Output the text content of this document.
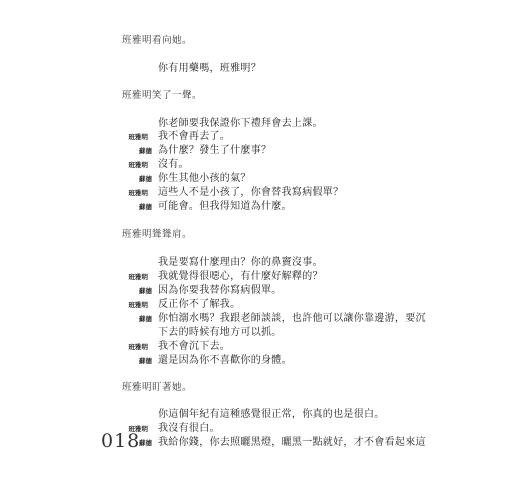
班雅明看向她。
你有用藥嗎，班雅明？
班雅明笑了一聲。
你老師要我保證你下禮拜會去上課。
班雅明 我不會再去了。
蘇德 為什麼？發生了什麼事？
班雅明 沒有。
蘇德 你生其他小孩的氣？
班雅明 這些人不是小孩了，你會替我寫病假單？
蘇德 可能會。但我得知道為什麼。
班雅明聳聳肩。
我是要寫什麼理由？你的鼻竇沒事。
班雅明 我就覺得很噁心，有什麼好解釋的？
蘇德 因為你要我替你寫病假單。
班雅明 反正你不了解我。
蘇德 你怕溺水嗎？我跟老師談談，也許他可以讓你靠邊游，要沉
下去的時候有地方可以抓。
班雅明 我不會沉下去。
蘇德 還是因為你不喜歡你的身體。
班雅明盯著她。
你這個年紀有這種感覺很正常，你真的也是很白。
班雅明 我沒有很白。
蘇德 我給你錢，你去照曬黑燈，曬黑一點就好，才不會看起來這
018
